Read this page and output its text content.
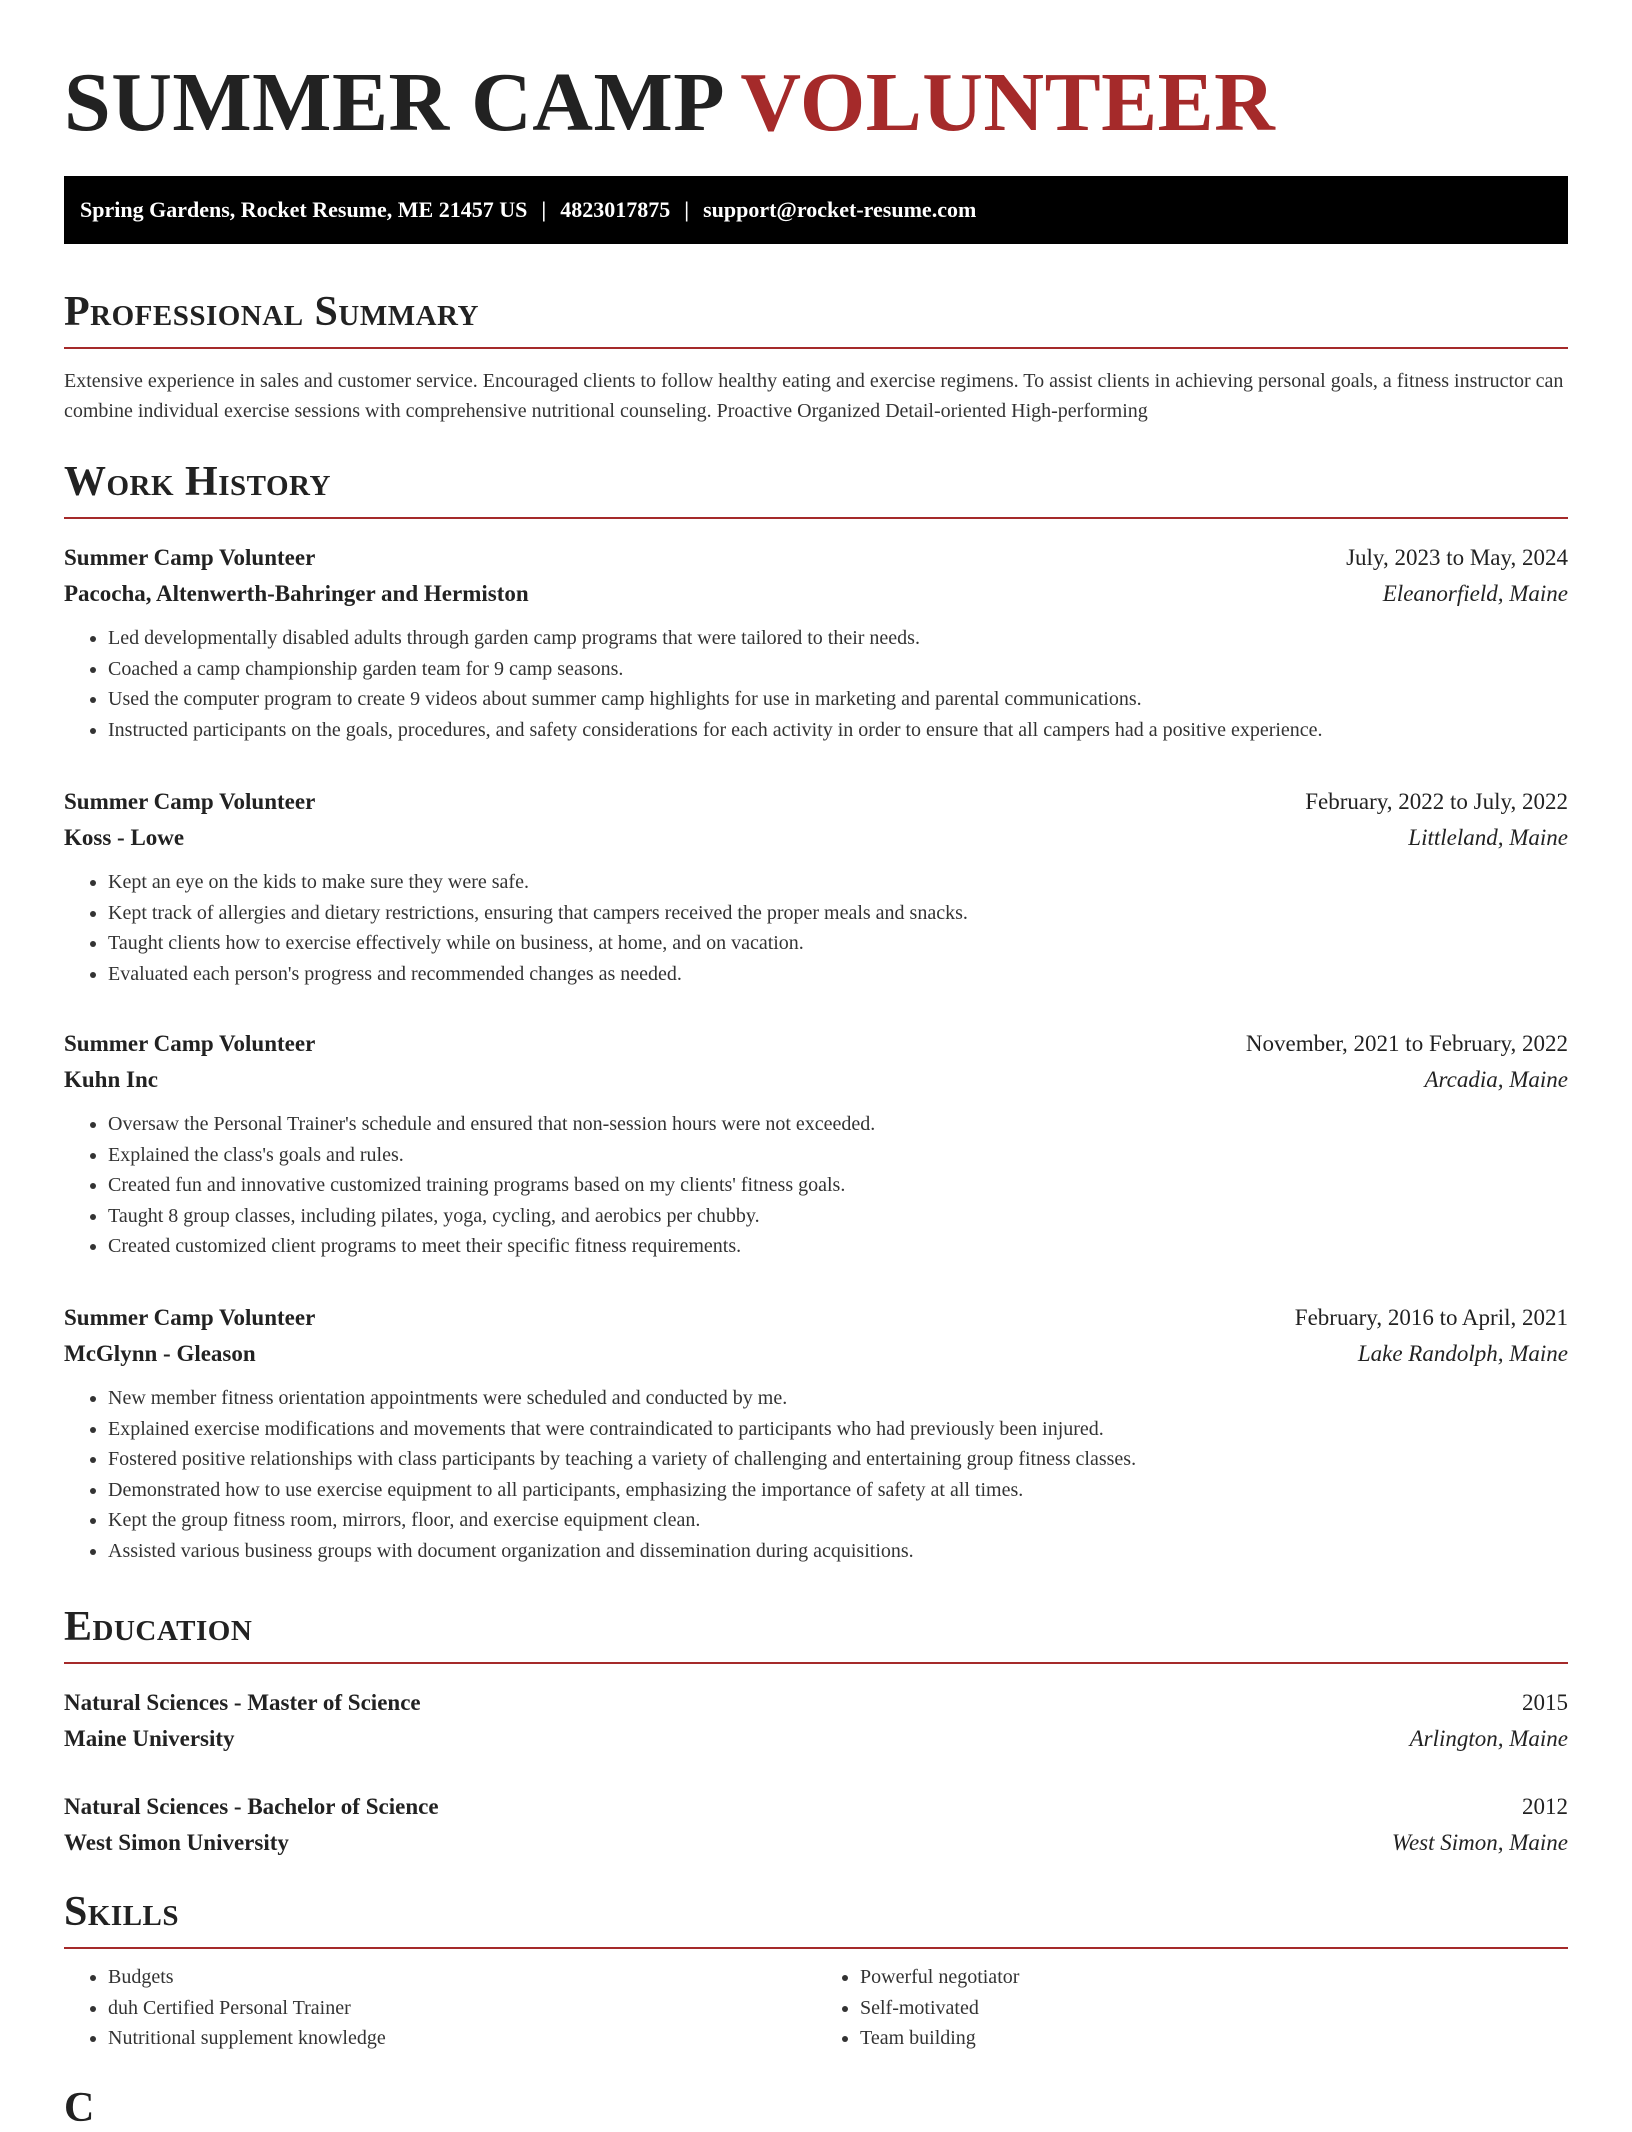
SUMMER CAMP VOLUNTEER
Spring Gardens, Rocket Resume, ME 21457 US | 4823017875 | support@rocket-resume.com
Professional Summary
Extensive experience in sales and customer service. Encouraged clients to follow healthy eating and exercise regimens. To assist clients in achieving personal goals, a fitness instructor can combine individual exercise sessions with comprehensive nutritional counseling. Proactive Organized Detail-oriented High-performing
Work History
Summer Camp Volunteer	July, 2023 to May, 2024
Pacocha, Altenwerth-Bahringer and Hermiston	Eleanorfield, Maine
• Led developmentally disabled adults through garden camp programs that were tailored to their needs.
• Coached a camp championship garden team for 9 camp seasons.
• Used the computer program to create 9 videos about summer camp highlights for use in marketing and parental communications.
• Instructed participants on the goals, procedures, and safety considerations for each activity in order to ensure that all campers had a positive experience.
Summer Camp Volunteer	February, 2022 to July, 2022
Koss - Lowe	Littleland, Maine
• Kept an eye on the kids to make sure they were safe.
• Kept track of allergies and dietary restrictions, ensuring that campers received the proper meals and snacks.
• Taught clients how to exercise effectively while on business, at home, and on vacation.
• Evaluated each person's progress and recommended changes as needed.
Summer Camp Volunteer	November, 2021 to February, 2022
Kuhn Inc	Arcadia, Maine
• Oversaw the Personal Trainer's schedule and ensured that non-session hours were not exceeded.
• Explained the class's goals and rules.
• Created fun and innovative customized training programs based on my clients' fitness goals.
• Taught 8 group classes, including pilates, yoga, cycling, and aerobics per chubby.
• Created customized client programs to meet their specific fitness requirements.
Summer Camp Volunteer	February, 2016 to April, 2021
McGlynn - Gleason	Lake Randolph, Maine
• New member fitness orientation appointments were scheduled and conducted by me.
• Explained exercise modifications and movements that were contraindicated to participants who had previously been injured.
• Fostered positive relationships with class participants by teaching a variety of challenging and entertaining group fitness classes.
• Demonstrated how to use exercise equipment to all participants, emphasizing the importance of safety at all times.
• Kept the group fitness room, mirrors, floor, and exercise equipment clean.
• Assisted various business groups with document organization and dissemination during acquisitions.
Education
Natural Sciences - Master of Science	2015
Maine University	Arlington, Maine
Natural Sciences - Bachelor of Science	2012
West Simon University	West Simon, Maine
Skills
• Budgets
• duh Certified Personal Trainer
• Nutritional supplement knowledge
• Powerful negotiator
• Self-motivated
• Team building
C
